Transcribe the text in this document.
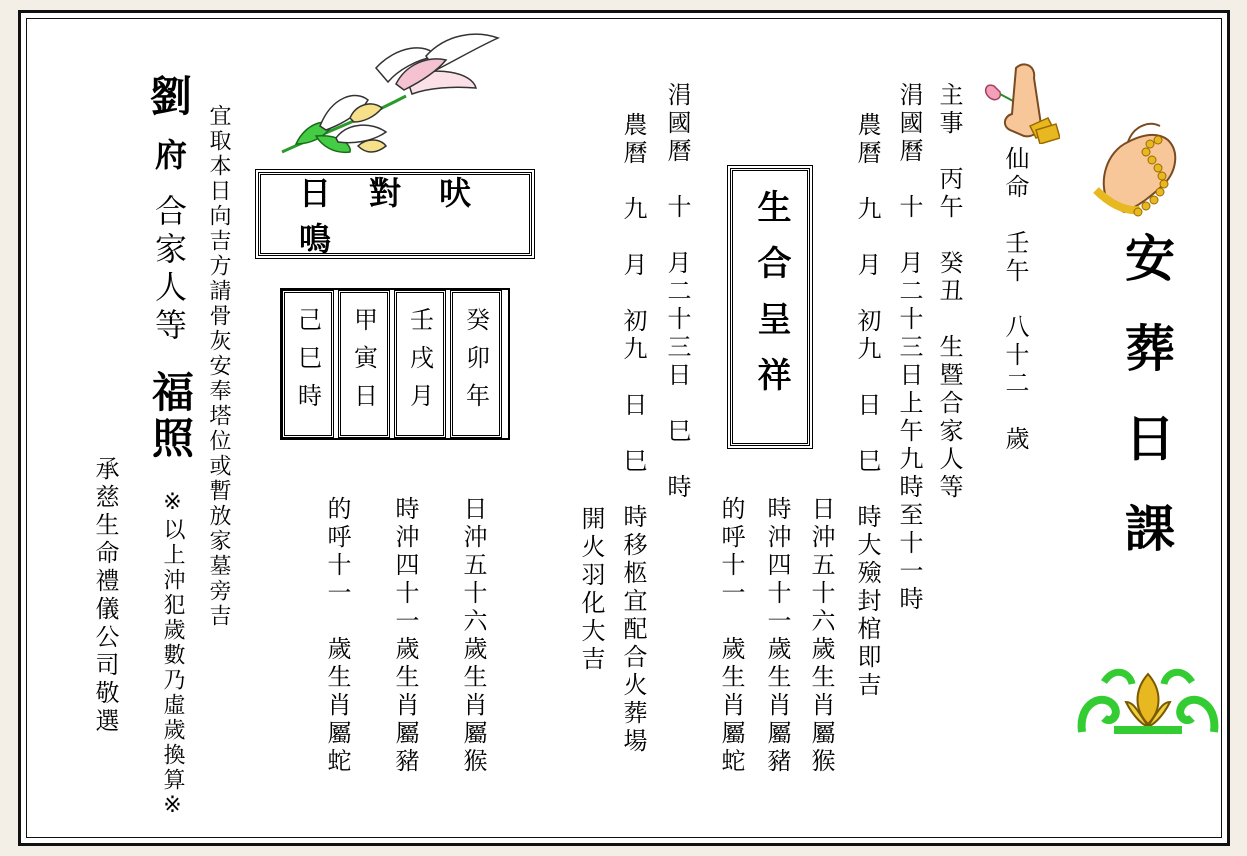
安葬日課
仙命　壬午　八十二　歲
主事　丙午　癸丑　生暨合家人等
涓國曆　十　月二十三日上午九時至十一時
農曆　九　月　初九　日　巳　時大殮封棺即吉
日沖五十六歲生肖屬猴
時沖四十一歲生肖屬豬
的呼十一　歲生肖屬蛇
生合呈祥
涓國曆　十　月二十三日　巳　時
農曆　九　月　初九　日　巳　時移柩宜配合火葬場
開火羽化大吉
日沖五十六歲生肖屬猴
時沖四十一歲生肖屬豬
的呼十一　歲生肖屬蛇
日對吠鳴
癸卯年
壬戌月
甲寅日
己巳時
宜取本日向吉方請骨灰安奉塔位或暫放家墓旁吉
劉
府
合家人等
福照
※以上沖犯歲數乃虛歲換算※
承慈生命禮儀公司敬選
